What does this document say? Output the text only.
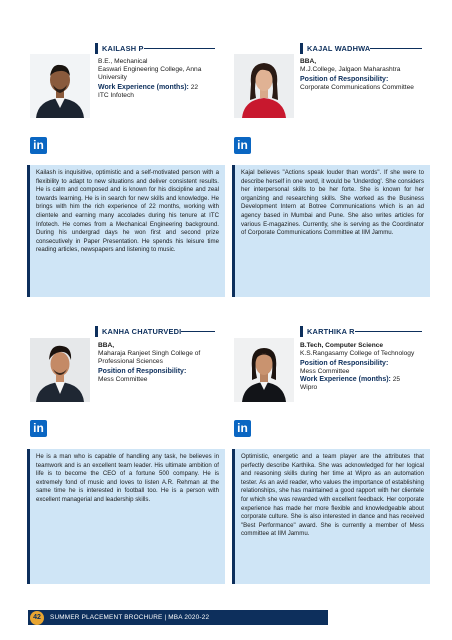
KAILASH P
B.E., Mechanical
Easwari Engineering College, Anna University
Work Experience (months): 22
ITC Infotech
in
Kailash is inquisitive, optimistic and a self-motivated person with a flexibility to adapt to new situations and deliver consistent results. He is calm and composed and is known for his discipline and zeal towards learning. He is in search for new skills and knowledge. He brings with him the rich experience of 22 months, working with clientele and earning many accolades during his tenure at ITC Infotech. He comes from a Mechanical Engineering background. During his undergrad days he won first and second prize consecutively in Paper Presentation. He spends his leisure time reading articles, newspapers and listening to music.
KAJAL WADHWA
BBA,
M.J.College, Jalgaon Maharashtra
Position of Responsibility:
Corporate Communications Committee
in
Kajal believes "Actions speak louder than words". If she were to describe herself in one word, it would be 'Underdog'. She considers her interpersonal skills to be her forte. She is known for her organizing and researching skills. She worked as the Business Development Intern at Botree Communications which is an ad agency based in Mumbai and Pune. She also writes articles for various E-magazines. Currently, she is serving as the Coordinator of Corporate Communications Committee at IIM Jammu.
KANHA CHATURVEDI
BBA,
Maharaja Ranjeet Singh College of Professional Sciences
Position of Responsibility:
Mess Committee
in
He is a man who is capable of handling any task, he believes in teamwork and is an excellent team leader. His ultimate ambition of life is to become the CEO of a fortune 500 company. He is extremely fond of music and loves to listen A.R. Rehman at the same time he is interested in football too. He is a person with excellent managerial and leadership skills.
KARTHIKA R
B.Tech, Computer Science
K.S.Rangasamy College of Technology
Position of Responsibility:
Mess Committee
Work Experience (months): 25
Wipro
in
Optimistic, energetic and a team player are the attributes that perfectly describe Karthika. She was acknowledged for her logical and reasoning skills during her time at Wipro as an automation tester. As an avid reader, who values the importance of establishing relationships, she has maintained a good rapport with her clientele for which she was rewarded with excellent feedback. Her corporate experience has made her more flexible and knowledgeable about corporate culture. She is also interested in dance and has received "Best Performance" award. She is currently a member of Mess committee at IIM Jammu.
42	SUMMER PLACEMENT BROCHURE | MBA 2020-22
